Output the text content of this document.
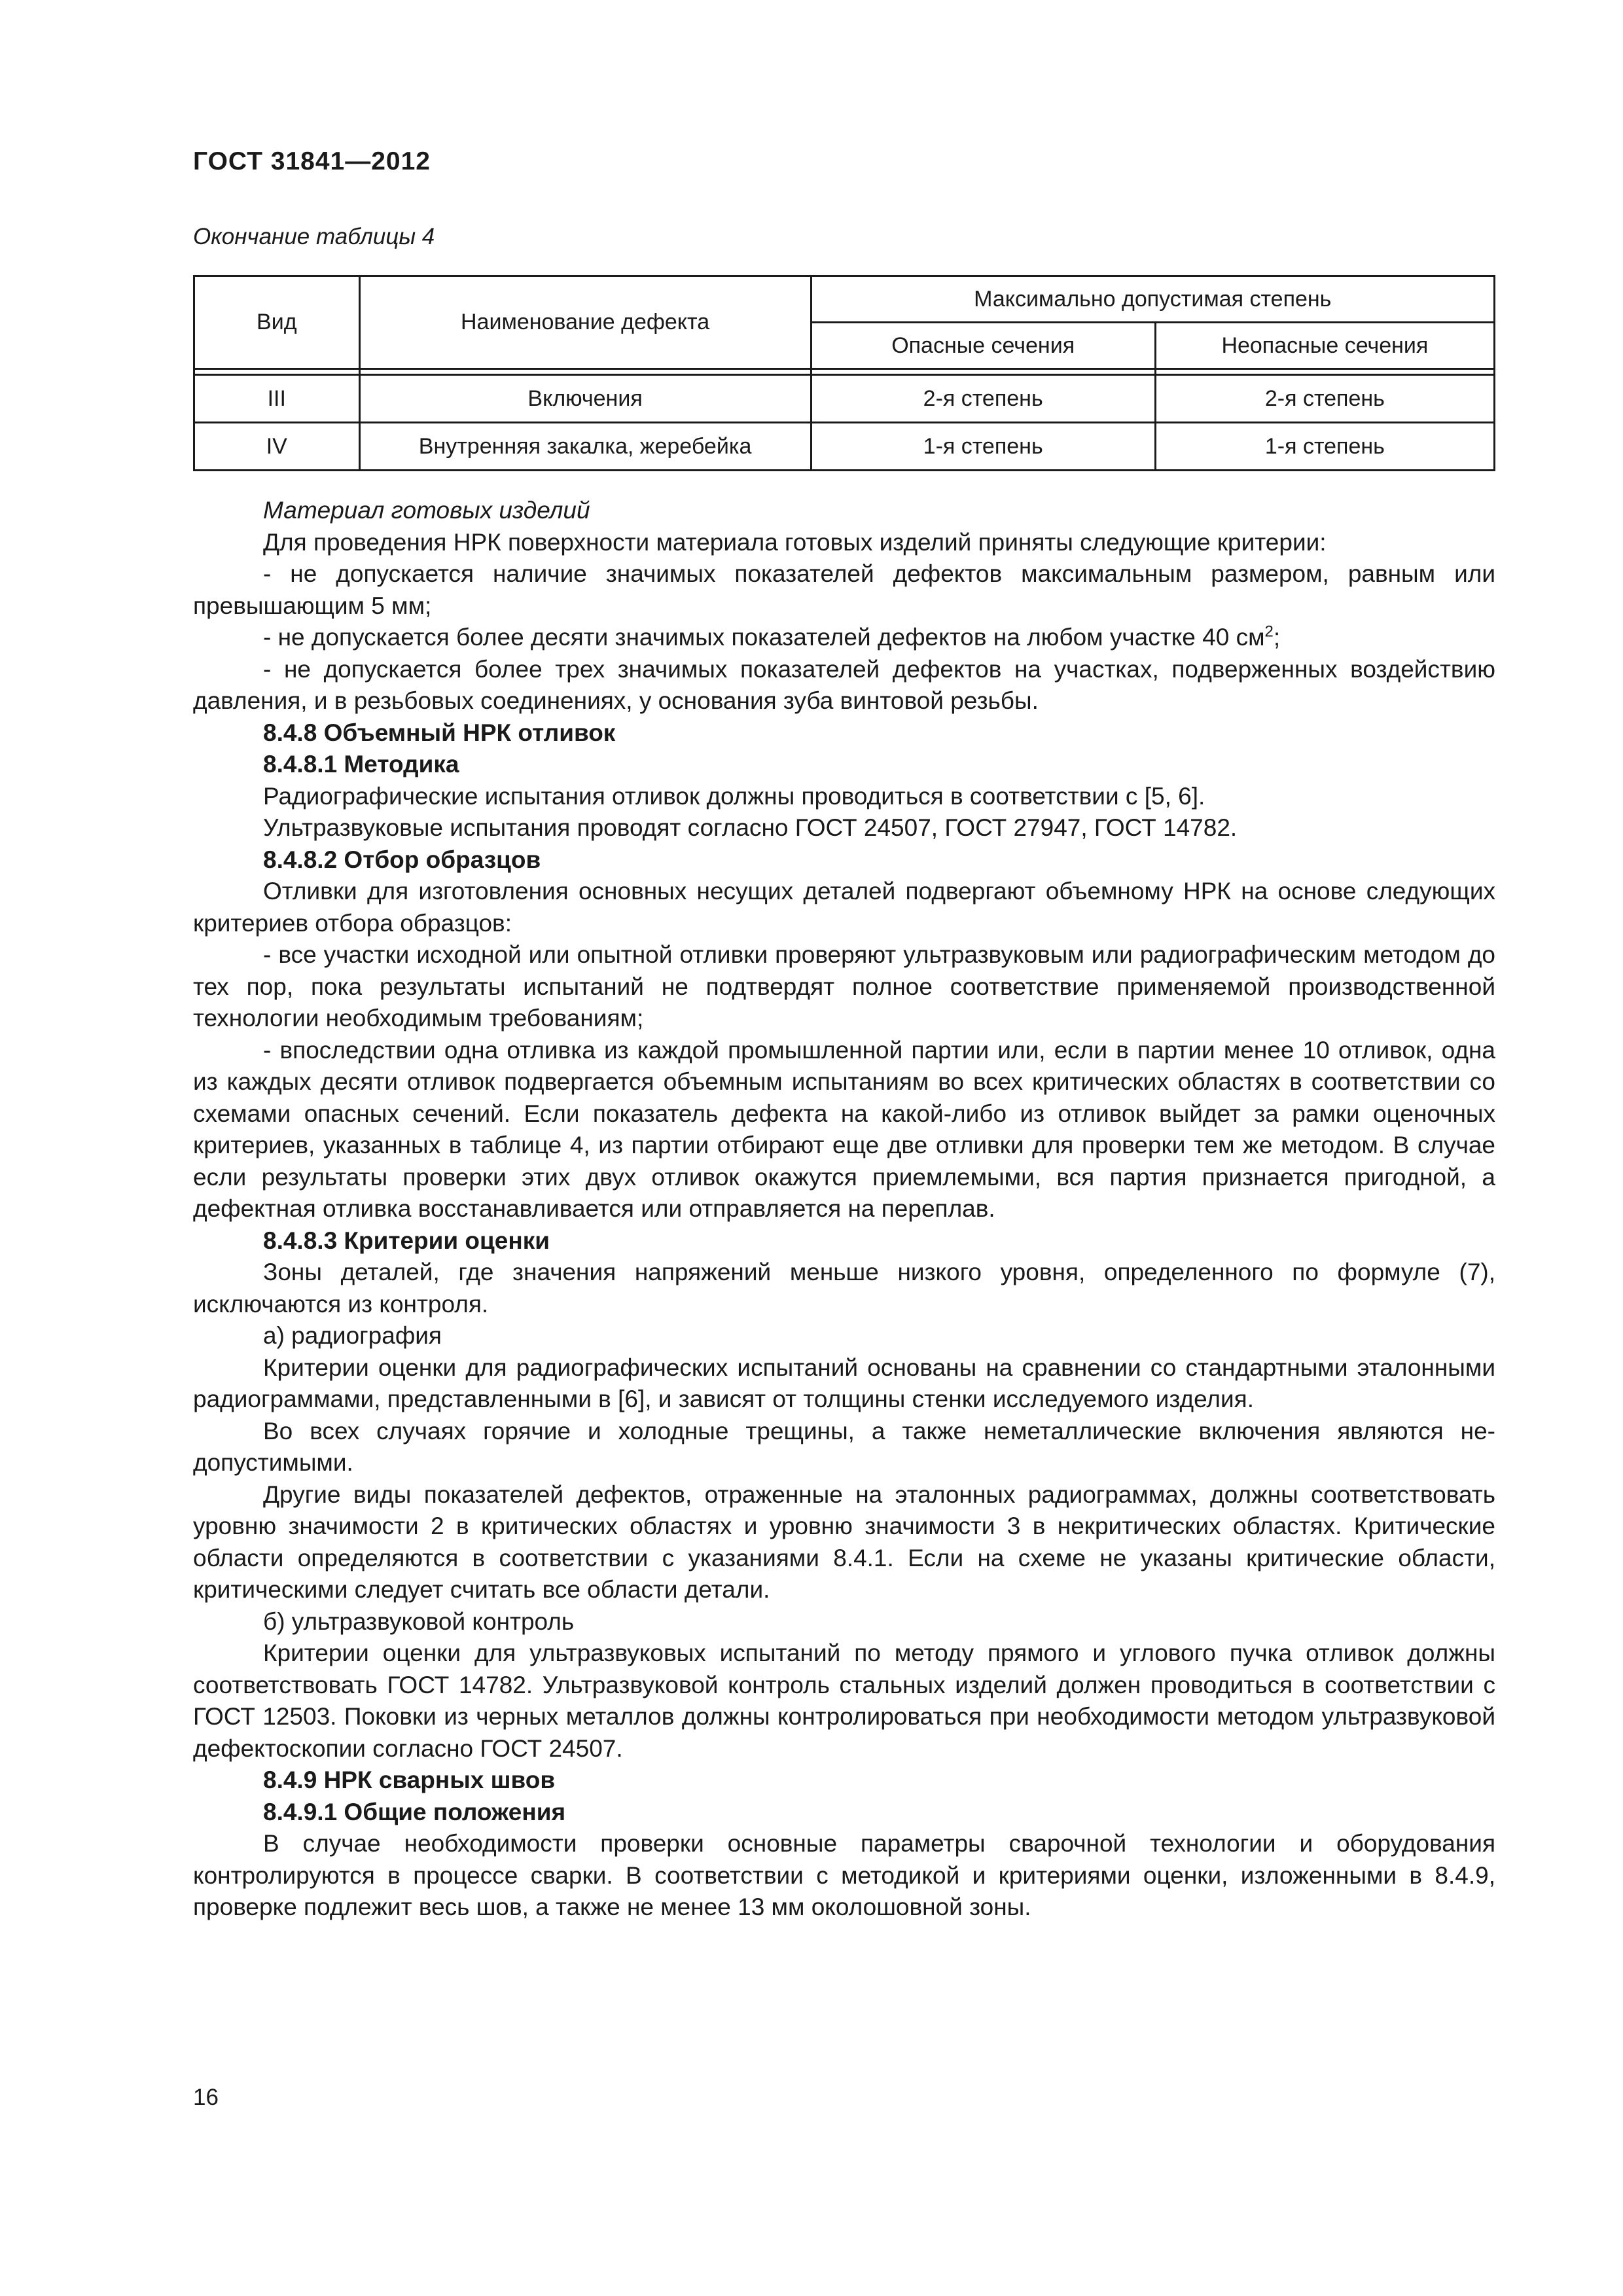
ГОСТ 31841—2012
Окончание таблицы 4
Вид	Наименование дефекта	Максимально допустимая степень	
		Опасные сечения	Неопасные сечения

III	Включения	2-я степень	2-я степень
IV	Внутренняя закалка, жеребейка	1-я степень	1-я степень

Материал готовых изделий

Для проведения НРК поверхности материала готовых изделий приняты следующие критерии:

- не допускается наличие значимых показателей дефектов максимальным размером, равным или превышающим 5 мм;

- не допускается более десяти значимых показателей дефектов на любом участке 40 $см^2$;

- не допускается более трех значимых показателей дефектов на участках, подверженных воздействию давления, и в резьбовых соединениях, у основания зуба винтовой резьбы.

8.4.8 Объемный НРК отливок

8.4.8.1 Методика

Радиографические испытания отливок должны проводиться в соответствии с [5, 6].

Ультразвуковые испытания проводят согласно ГОСТ 24507, ГОСТ 27947, ГОСТ 14782.

8.4.8.2 Отбор образцов

Отливки для изготовления основных несущих деталей подвергают объемному НРК на основе следующих критериев отбора образцов:

- все участки исходной или опытной отливки проверяют ультразвуковым или радиографическим методом до тех пор, пока результаты испытаний не подтвердят полное соответствие применяемой производственной технологии необходимым требованиям;

- впоследствии одна отливка из каждой промышленной партии или, если в партии менее 10 отливок, одна из каждых десяти отливок подвергается объемным испытаниям во всех критических областях в соответствии со схемами опасных сечений. Если показатель дефекта на какой-либо из отливок выйдет за рамки оценочных критериев, указанных в таблице 4, из партии отбирают еще две отливки для проверки тем же методом. В случае если результаты проверки этих двух отливок окажутся приемлемыми, вся партия признается пригодной, а дефектная отливка восстанавливается или отправляется на переплав.

8.4.8.3 Критерии оценки

Зоны деталей, где значения напряжений меньше низкого уровня, определенного по формуле (7), исключаются из контроля.

а) радиография

Критерии оценки для радиографических испытаний основаны на сравнении со стандартными эталонными радиограммами, представленными в [6], и зависят от толщины стенки исследуемого изделия.

Во всех случаях горячие и холодные трещины, а также неметаллические включения являются недопустимыми.

Другие виды показателей дефектов, отраженные на эталонных радиограммах, должны соответствовать уровню значимости 2 в критических областях и уровню значимости 3 в некритических областях. Критические области определяются в соответствии с указаниями 8.4.1. Если на схеме не указаны критические области, критическими следует считать все области детали.

б) ультразвуковой контроль

Критерии оценки для ультразвуковых испытаний по методу прямого и углового пучка отливок должны соответствовать ГОСТ 14782. Ультразвуковой контроль стальных изделий должен проводиться в соответствии с ГОСТ 12503. Поковки из черных металлов должны контролироваться при необходимости методом ультразвуковой дефектоскопии согласно ГОСТ 24507.

8.4.9 НРК сварных швов

8.4.9.1 Общие положения

В случае необходимости проверки основные параметры сварочной технологии и оборудования контролируются в процессе сварки. В соответствии с методикой и критериями оценки, изложенными в 8.4.9, проверке подлежит весь шов, а также не менее 13 мм околошовной зоны.

16
